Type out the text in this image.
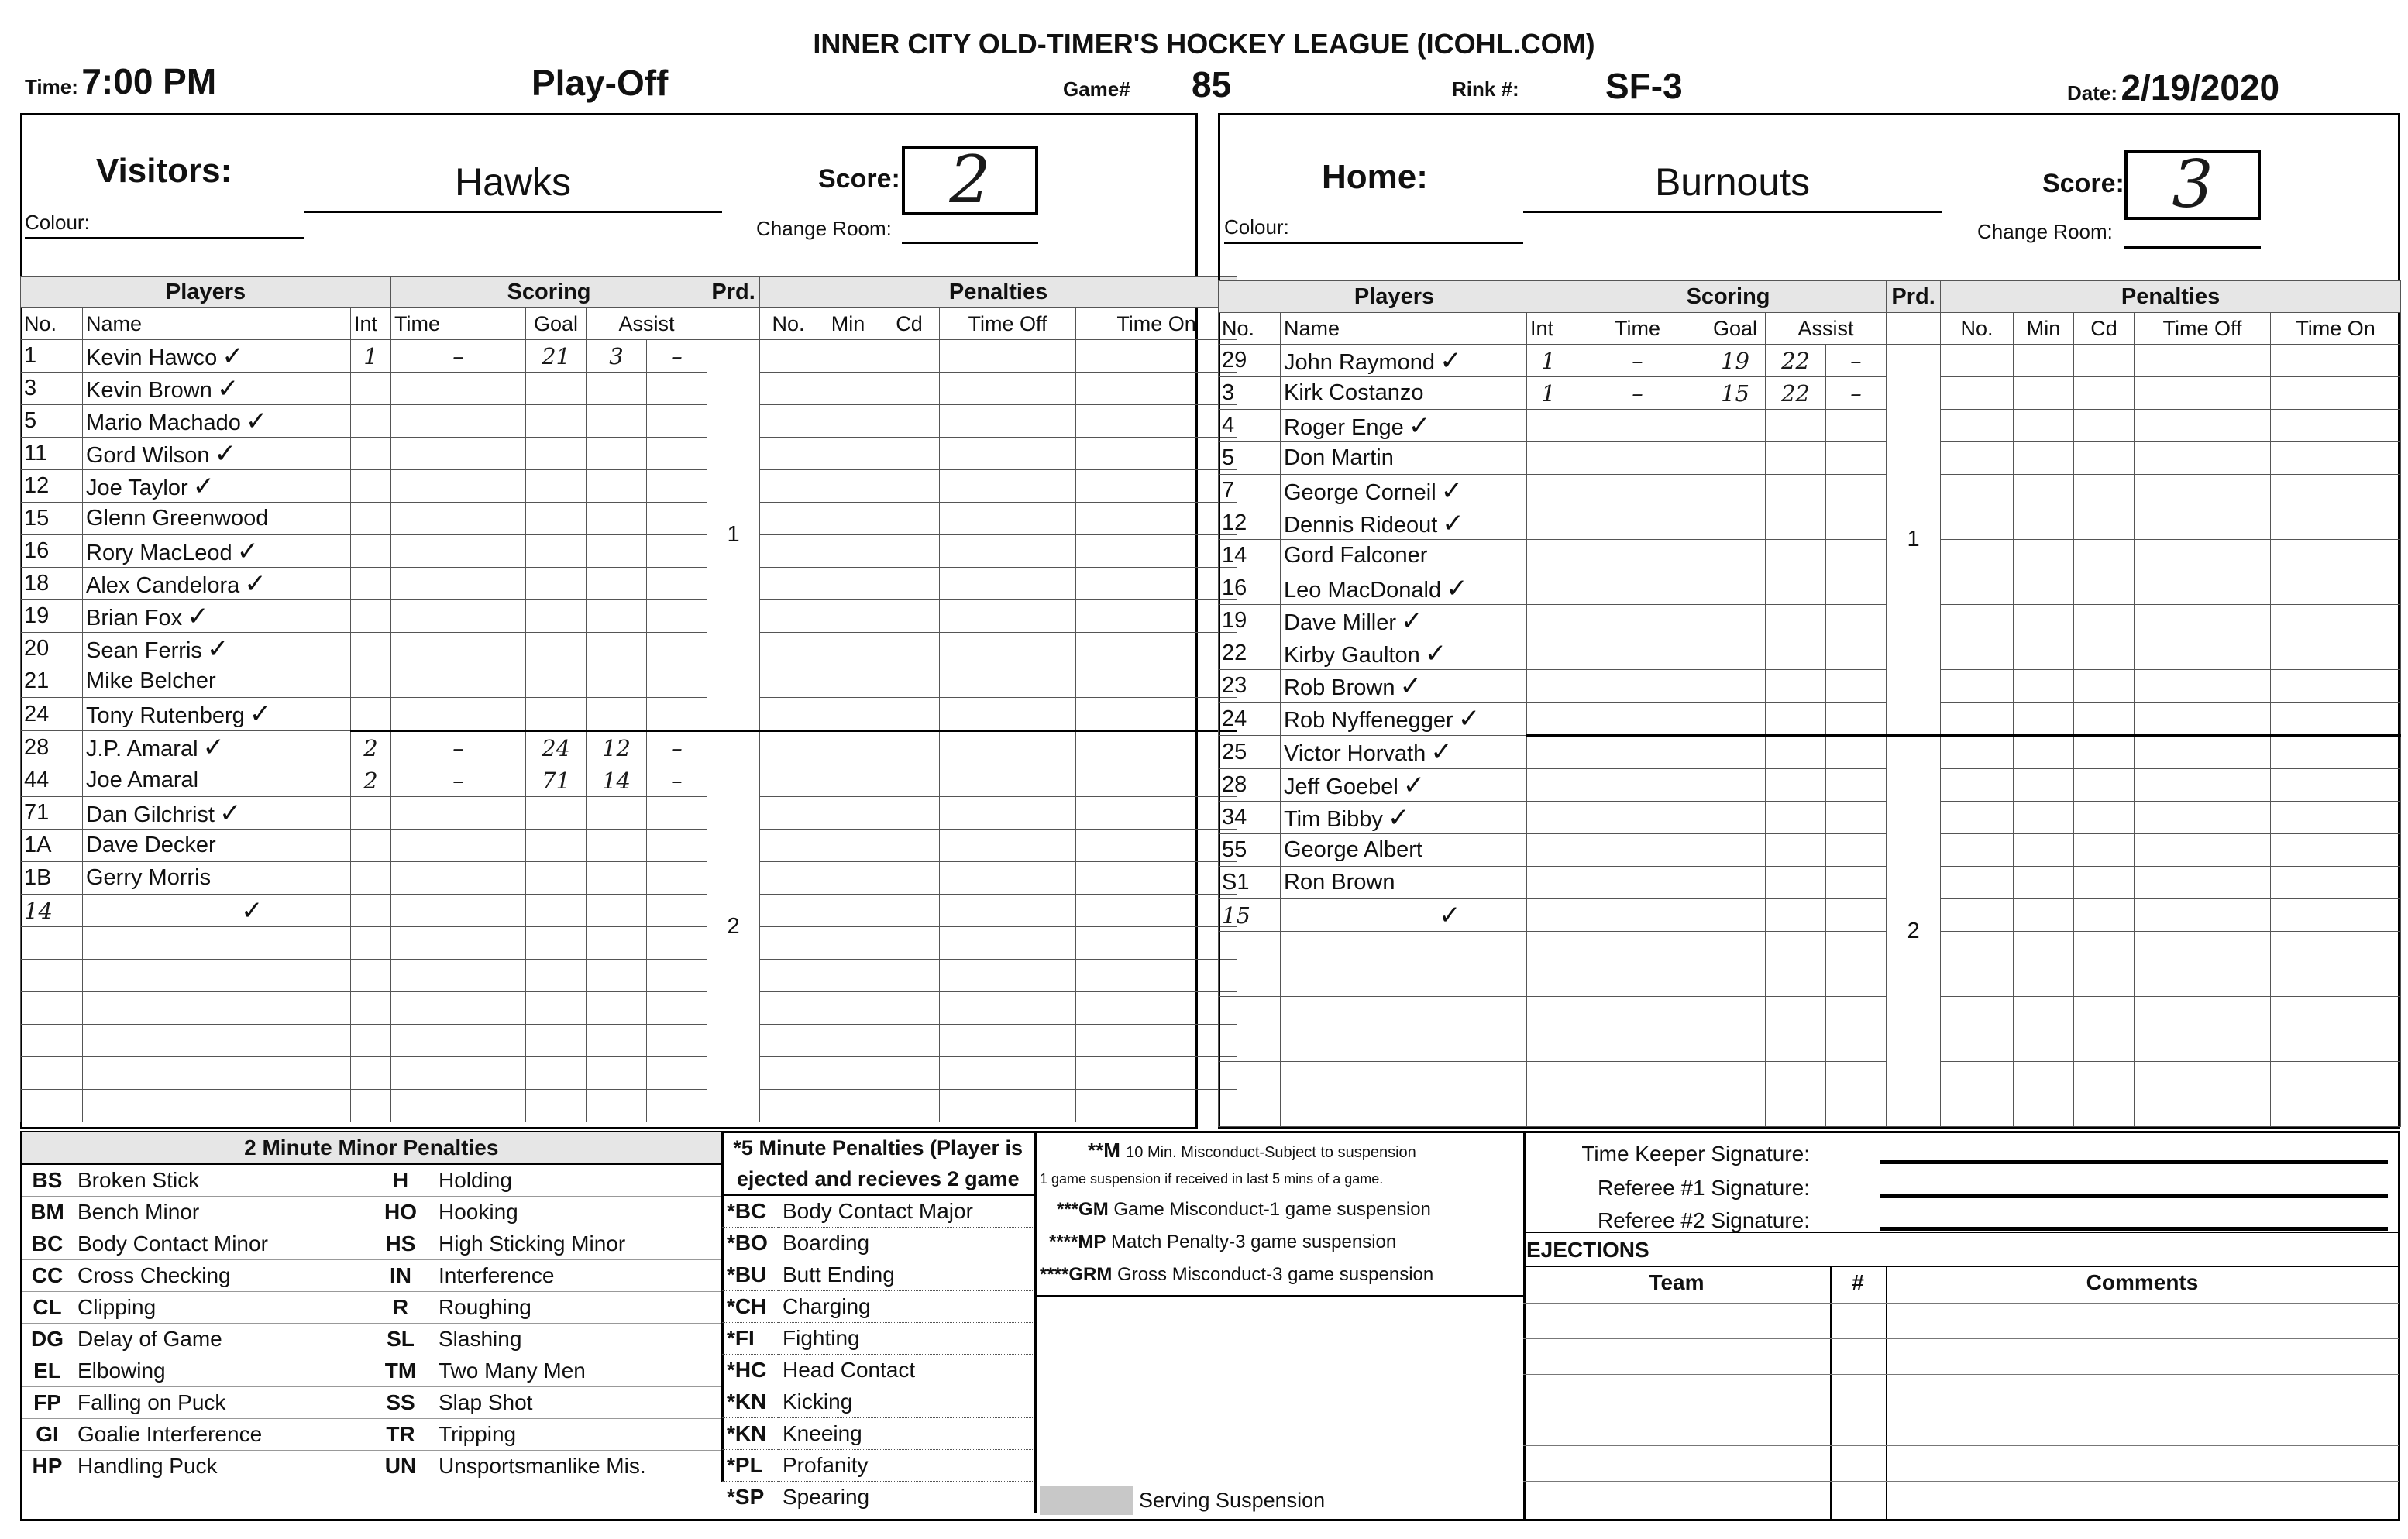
INNER CITY OLD-TIMER'S HOCKEY LEAGUE (ICOHL.COM)
Time: 7:00 PM	Play-Off	Game# 85	Rink #: SF-3	Date: 2/19/2020
Visitors:	Hawks
Colour:
Score: 2
Change Room:
Players			Scoring				Prd.	Penalties				
No.	Name	Int	Time	Goal	Assist			No.	Min	Cd	Time Off	Time On
1	Kevin Hawco ✓	1	–	21	3	–	1					
3	Kevin Brown ✓											
5	Mario Machado ✓											
11	Gord Wilson ✓											
12	Joe Taylor ✓											
15	Glenn Greenwood											
16	Rory MacLeod ✓											
18	Alex Candelora ✓											
19	Brian Fox ✓											
20	Sean Ferris ✓											
21	Mike Belcher											
24	Tony Rutenberg ✓											
28	J.P. Amaral ✓	2	–	24	12	–	2					
44	Joe Amaral	2	–	71	14	–						
71	Dan Gilchrist ✓											
1A	Dave Decker											
1B	Gerry Morris											
14	✓											

Home:	Burnouts
Colour:
Score: 3
Change Room:
Players			Scoring				Prd.	Penalties				
No.	Name	Int	Time	Goal	Assist			No.	Min	Cd	Time Off	Time On
29	John Raymond ✓	1	–	19	22	–	1					
3	Kirk Costanzo	1	–	15	22	–						
4	Roger Enge ✓											
5	Don Martin											
7	George Corneil ✓											
12	Dennis Rideout ✓											
14	Gord Falconer											
16	Leo MacDonald ✓											
19	Dave Miller ✓											
22	Kirby Gaulton ✓											
23	Rob Brown ✓											
24	Rob Nyffenegger ✓											
25	Victor Horvath ✓						2					
28	Jeff Goebel ✓											
34	Tim Bibby ✓											
55	George Albert											
S1	Ron Brown											
15	✓											

2 Minute Minor Penalties			
BS	Broken Stick	H	Holding
BM	Bench Minor	HO	Hooking
BC	Body Contact Minor	HS	High Sticking Minor
CC	Cross Checking	IN	Interference
CL	Clipping	R	Roughing
DG	Delay of Game	SL	Slashing
EL	Elbowing	TM	Two Many Men
FP	Falling on Puck	SS	Slap Shot
GI	Goalie Interference	TR	Tripping
HP	Handling Puck	UN	Unsportsmanlike Mis.
*5 Minute Penalties (Player is	
ejected and recieves 2 game	
*BC	Body Contact Major
*BO	Boarding
*BU	Butt Ending
*CH	Charging
*FI	Fighting
*HC	Head Contact
*KN	Kicking
*KN	Kneeing
*PL	Profanity
*SP	Spearing
**M 10 Min. Misconduct-Subject to suspension
1 game suspension if received in last 5 mins of a game.
***GM Game Misconduct-1 game suspension
****MP Match Penalty-3 game suspension
****GRM Gross Misconduct-3 game suspension
Serving Suspension
Time Keeper Signature:
Referee #1 Signature:
Referee #2 Signature:
EJECTIONS
Team	#	Comments
